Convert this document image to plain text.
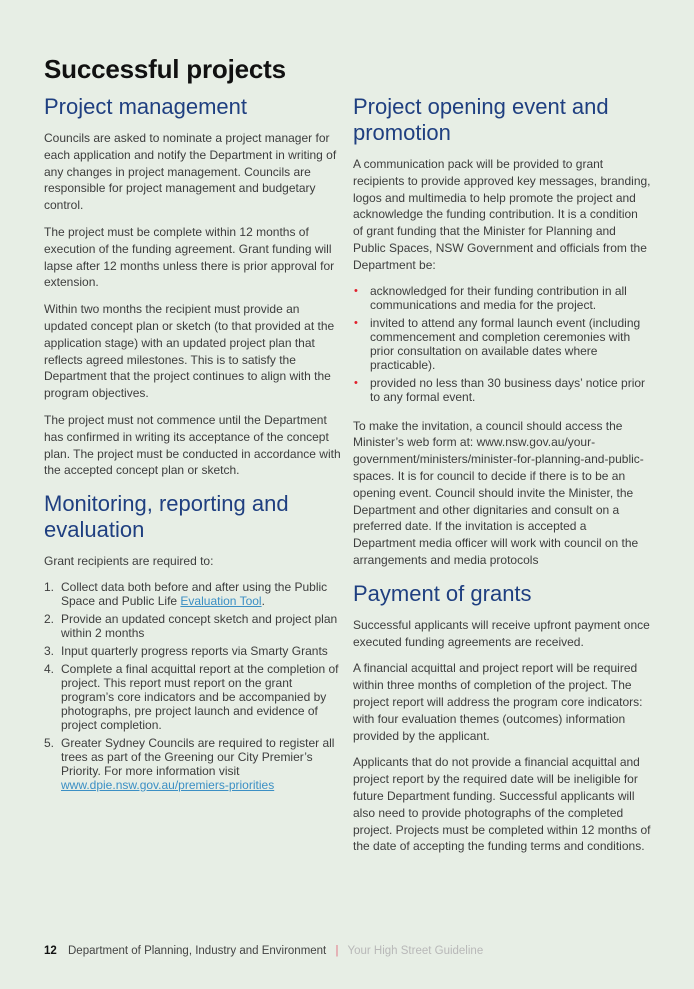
Successful projects
Project management

Councils are asked to nominate a project manager for each application and notify the Department in writing of any changes in project management. Councils are responsible for project management and budgetary control.

The project must be complete within 12 months of execution of the funding agreement. Grant funding will lapse after 12 months unless there is prior approval for extension.

Within two months the recipient must provide an updated concept plan or sketch (to that provided at the application stage) with an updated project plan that reflects agreed milestones. This is to satisfy the Department that the project continues to align with the program objectives.

The project must not commence until the Department has confirmed in writing its acceptance of the concept plan. The project must be conducted in accordance with the accepted concept plan or sketch.

Monitoring, reporting and evaluation

Grant recipients are required to:

1. Collect data both before and after using the Public Space and Public Life Evaluation Tool.
2. Provide an updated concept sketch and project plan within 2 months
3. Input quarterly progress reports via Smarty Grants
4. Complete a final acquittal report at the completion of project. This report must report on the grant program’s core indicators and be accompanied by photographs, pre project launch and evidence of project completion.
5. Greater Sydney Councils are required to register all trees as part of the Greening our City Premier’s Priority. For more information visit www.dpie.nsw.gov.au/premiers-priorities
Project opening event and promotion

A communication pack will be provided to grant recipients to provide approved key messages, branding, logos and multimedia to help promote the project and acknowledge the funding contribution. It is a condition of grant funding that the Minister for Planning and Public Spaces, NSW Government and officials from the Department be:

• acknowledged for their funding contribution in all communications and media for the project.
• invited to attend any formal launch event (including commencement and completion ceremonies with prior consultation on available dates where practicable).
• provided no less than 30 business days’ notice prior to any formal event.

To make the invitation, a council should access the Minister’s web form at: www.nsw.gov.au/your-government/ministers/minister-for-planning-and-public-spaces. It is for council to decide if there is to be an opening event. Council should invite the Minister, the Department and other dignitaries and consult on a preferred date. If the invitation is accepted a Department media officer will work with council on the arrangements and media protocols

Payment of grants

Successful applicants will receive upfront payment once executed funding agreements are received.

A financial acquittal and project report will be required within three months of completion of the project. The project report will address the program core indicators: with four evaluation themes (outcomes) information provided by the applicant.

Applicants that do not provide a financial acquittal and project report by the required date will be ineligible for future Department funding. Successful applicants will also need to provide photographs of the completed project. Projects must be completed within 12 months of the date of accepting the funding terms and conditions.

12 Department of Planning, Industry and Environment | Your High Street Guideline
